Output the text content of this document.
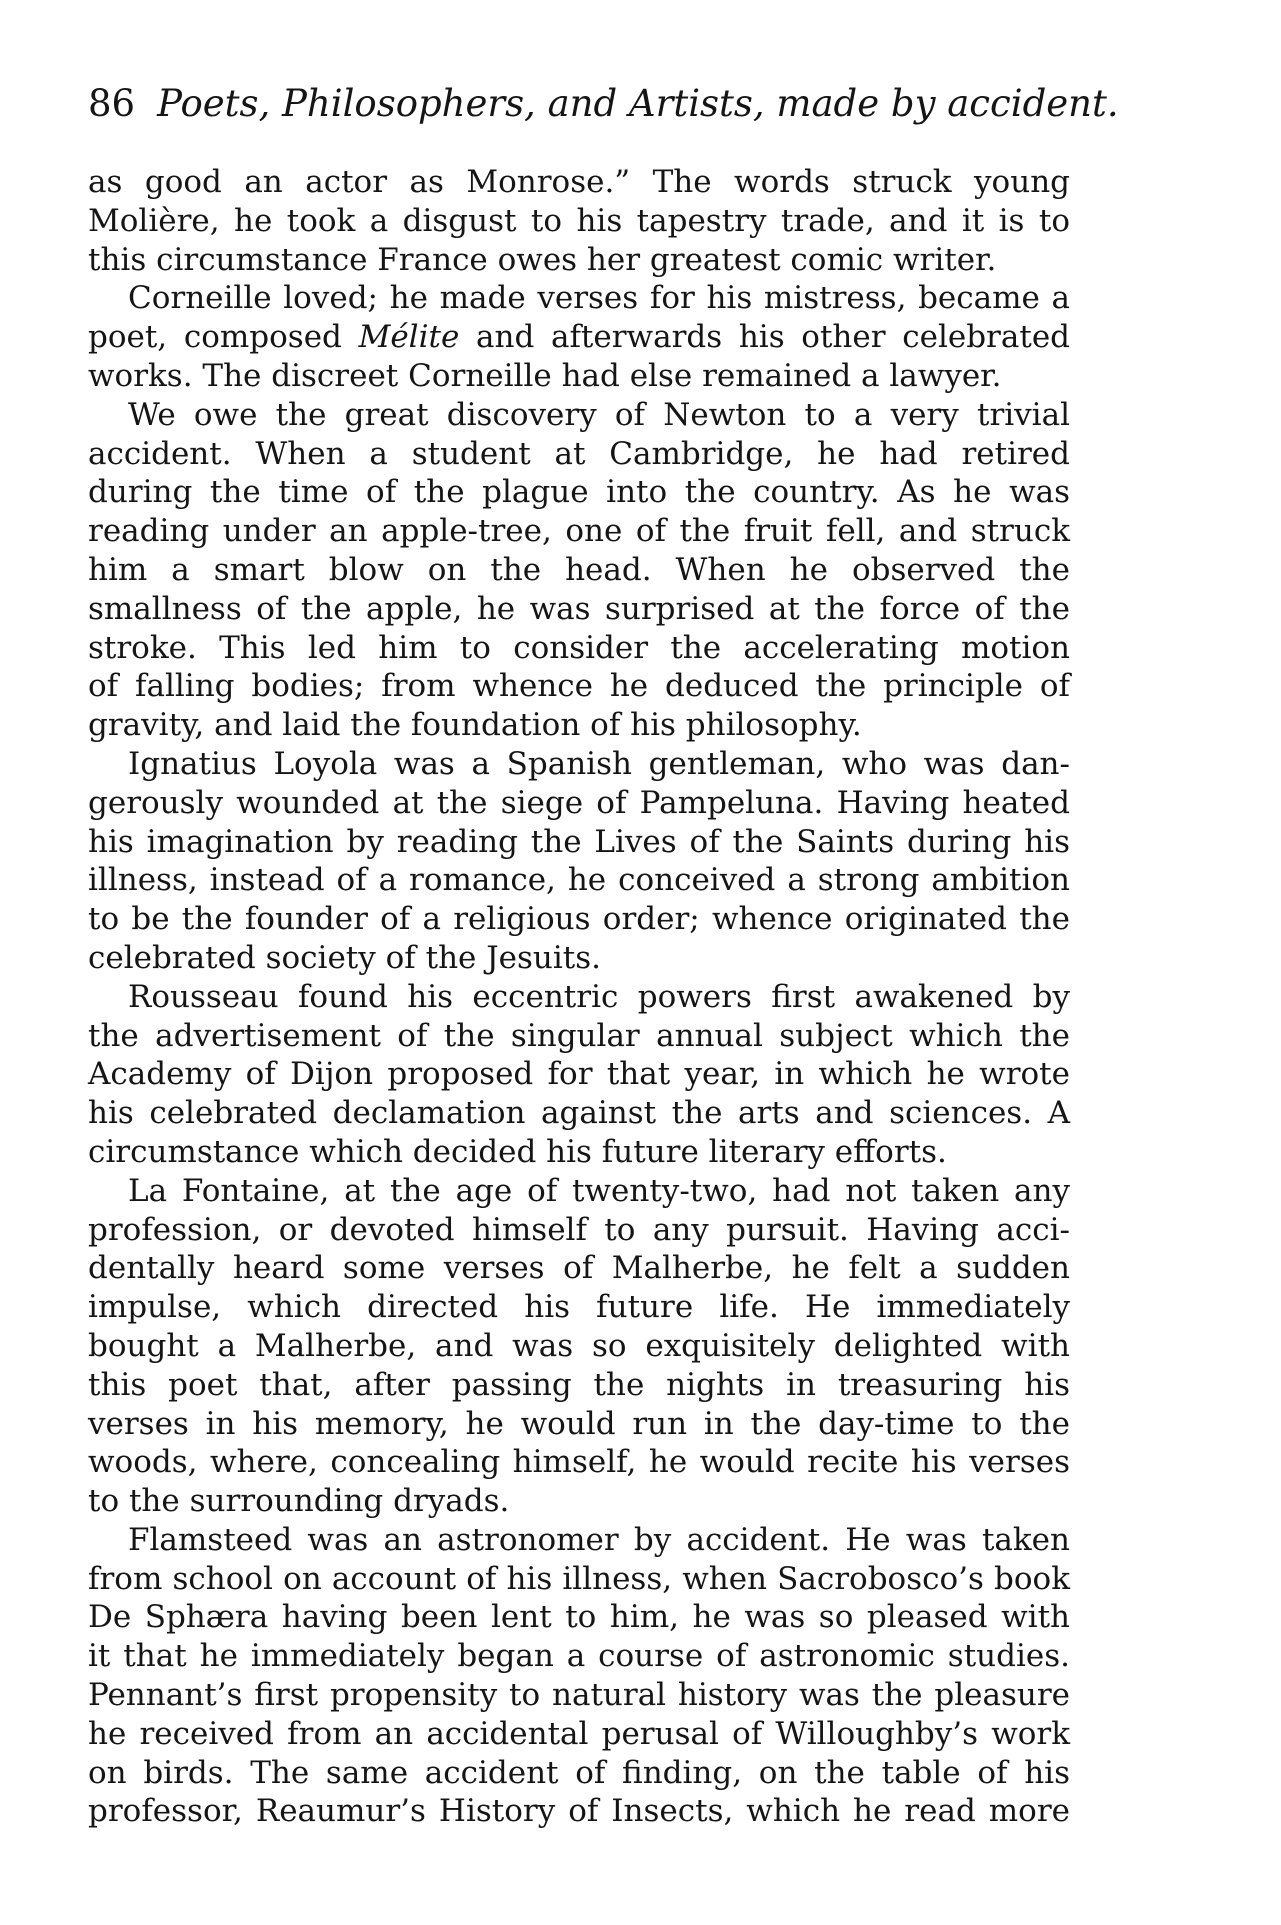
86 Poets, Philosophers, and Artists, made by accident.
as good an actor as Monrose.” The words struck young
Molière, he took a disgust to his tapestry trade, and it is to
this circumstance France owes her greatest comic writer.
Corneille loved; he made verses for his mistress, became a
poet, composed Mélite and afterwards his other celebrated
works. The discreet Corneille had else remained a lawyer.
We owe the great discovery of Newton to a very trivial
accident. When a student at Cambridge, he had retired
during the time of the plague into the country. As he was
reading under an apple-tree, one of the fruit fell, and struck
him a smart blow on the head. When he observed the
smallness of the apple, he was surprised at the force of the
stroke. This led him to consider the accelerating motion
of falling bodies; from whence he deduced the principle of
gravity, and laid the foundation of his philosophy.
Ignatius Loyola was a Spanish gentleman, who was dan-
gerously wounded at the siege of Pampeluna. Having heated
his imagination by reading the Lives of the Saints during his
illness, instead of a romance, he conceived a strong ambition
to be the founder of a religious order; whence originated the
celebrated society of the Jesuits.
Rousseau found his eccentric powers first awakened by
the advertisement of the singular annual subject which the
Academy of Dijon proposed for that year, in which he wrote
his celebrated declamation against the arts and sciences. A
circumstance which decided his future literary efforts.
La Fontaine, at the age of twenty-two, had not taken any
profession, or devoted himself to any pursuit. Having acci-
dentally heard some verses of Malherbe, he felt a sudden
impulse, which directed his future life. He immediately
bought a Malherbe, and was so exquisitely delighted with
this poet that, after passing the nights in treasuring his
verses in his memory, he would run in the day-time to the
woods, where, concealing himself, he would recite his verses
to the surrounding dryads.
Flamsteed was an astronomer by accident. He was taken
from school on account of his illness, when Sacrobosco’s book
De Sphæra having been lent to him, he was so pleased with
it that he immediately began a course of astronomic studies.
Pennant’s first propensity to natural history was the pleasure
he received from an accidental perusal of Willoughby’s work
on birds. The same accident of finding, on the table of his
professor, Reaumur’s History of Insects, which he read more
